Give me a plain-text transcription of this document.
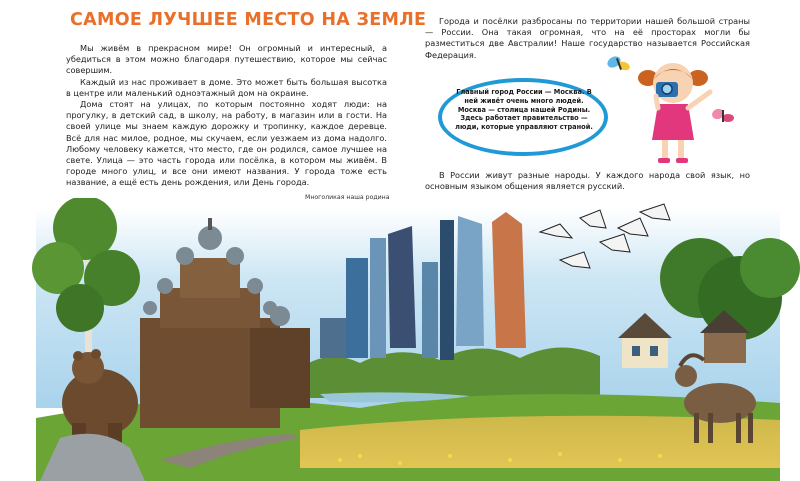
САМОЕ ЛУЧШЕЕ МЕСТО НА ЗЕМЛЕ

Мы живём в прекрасном мире! Он огромный и интересный, а убедиться в этом можно благодаря путешествию, которое мы сейчас совершим.

Каждый из нас проживает в доме. Это может быть большая высотка в центре или маленький одноэтажный дом на окраине.

Дома стоят на улицах, по которым постоянно ходят люди: на прогулку, в детский сад, в школу, на работу, в магазин или в гости. На своей улице мы знаем каждую дорожку и тропинку, каждое деревце. Всё для нас милое, родное, мы скучаем, если уезжаем из дома надолго. Любому человеку кажется, что место, где он родился, самое лучшее на свете. Улица — это часть города или посёлка, в котором мы живём. В городе много улиц, и все они имеют названия. У города тоже есть название, а ещё есть день рождения, или День города.

Многоликая наша родина

Города и посёлки разбросаны по территории нашей большой страны — России. Она такая огромная, что на её просторах могли бы разместиться две Австралии! Наше государство называется Российская Федерация.

Главный город России — Москва. В ней живёт очень много людей. Москва — столица нашей Родины. Здесь работает правительство — люди, которые управляют страной.

В России живут разные народы. У каждого народа свой язык, но основным языком общения является русский.
